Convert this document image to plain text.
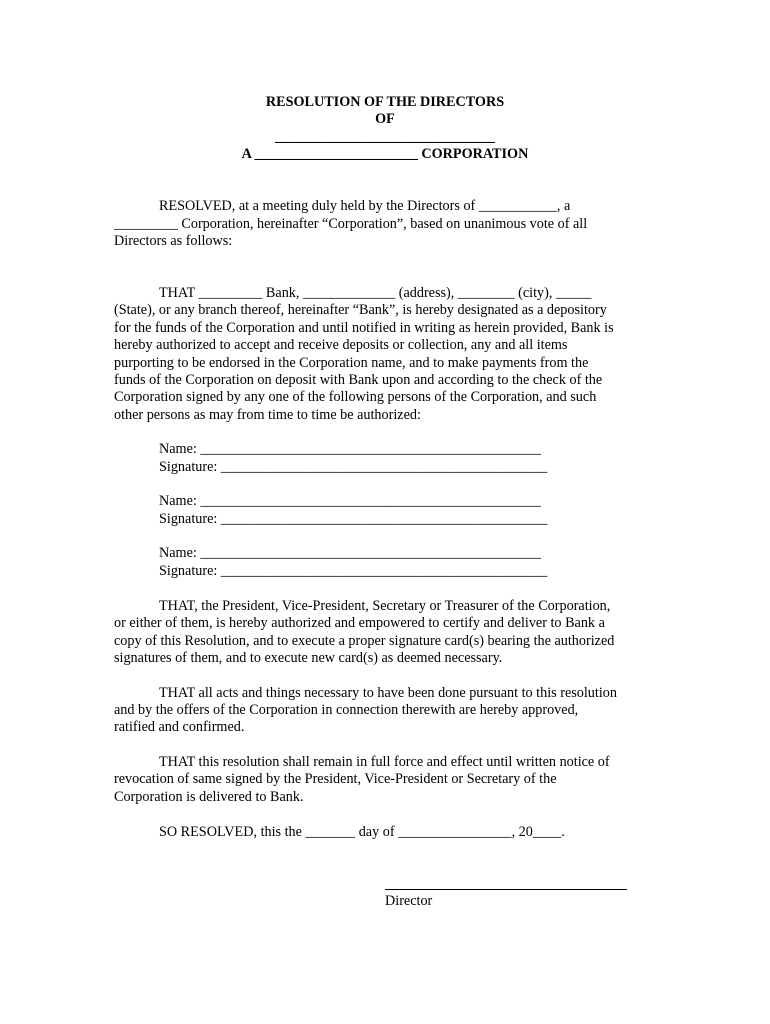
RESOLUTION OF THE DIRECTORS
OF
_______________________________
A _______________________ CORPORATION
RESOLVED, at a meeting duly held by the Directors of ___________, a
_________ Corporation, hereinafter “Corporation”, based on unanimous vote of all
Directors as follows:
THAT _________ Bank, _____________ (address), ________ (city), _____
(State), or any branch thereof, hereinafter “Bank”, is hereby designated as a depository
for the funds of the Corporation and until notified in writing as herein provided, Bank is
hereby authorized to accept and receive deposits or collection, any and all items
purporting to be endorsed in the Corporation name, and to make payments from the
funds of the Corporation on deposit with Bank upon and according to the check of the
Corporation signed by any one of the following persons of the Corporation, and such
other persons as may from time to time be authorized:
Name: ________________________________________________
Signature: ______________________________________________
Name: ________________________________________________
Signature: ______________________________________________
Name: ________________________________________________
Signature: ______________________________________________
THAT, the President, Vice-President, Secretary or Treasurer of the Corporation,
or either of them, is hereby authorized and empowered to certify and deliver to Bank a
copy of this Resolution, and to execute a proper signature card(s) bearing the authorized
signatures of them, and to execute new card(s) as deemed necessary.
THAT all acts and things necessary to have been done pursuant to this resolution
and by the offers of the Corporation in connection therewith are hereby approved,
ratified and confirmed.
THAT this resolution shall remain in full force and effect until written notice of
revocation of same signed by the President, Vice-President or Secretary of the
Corporation is delivered to Bank.
SO RESOLVED, this the _______ day of ________________, 20____.
Director
